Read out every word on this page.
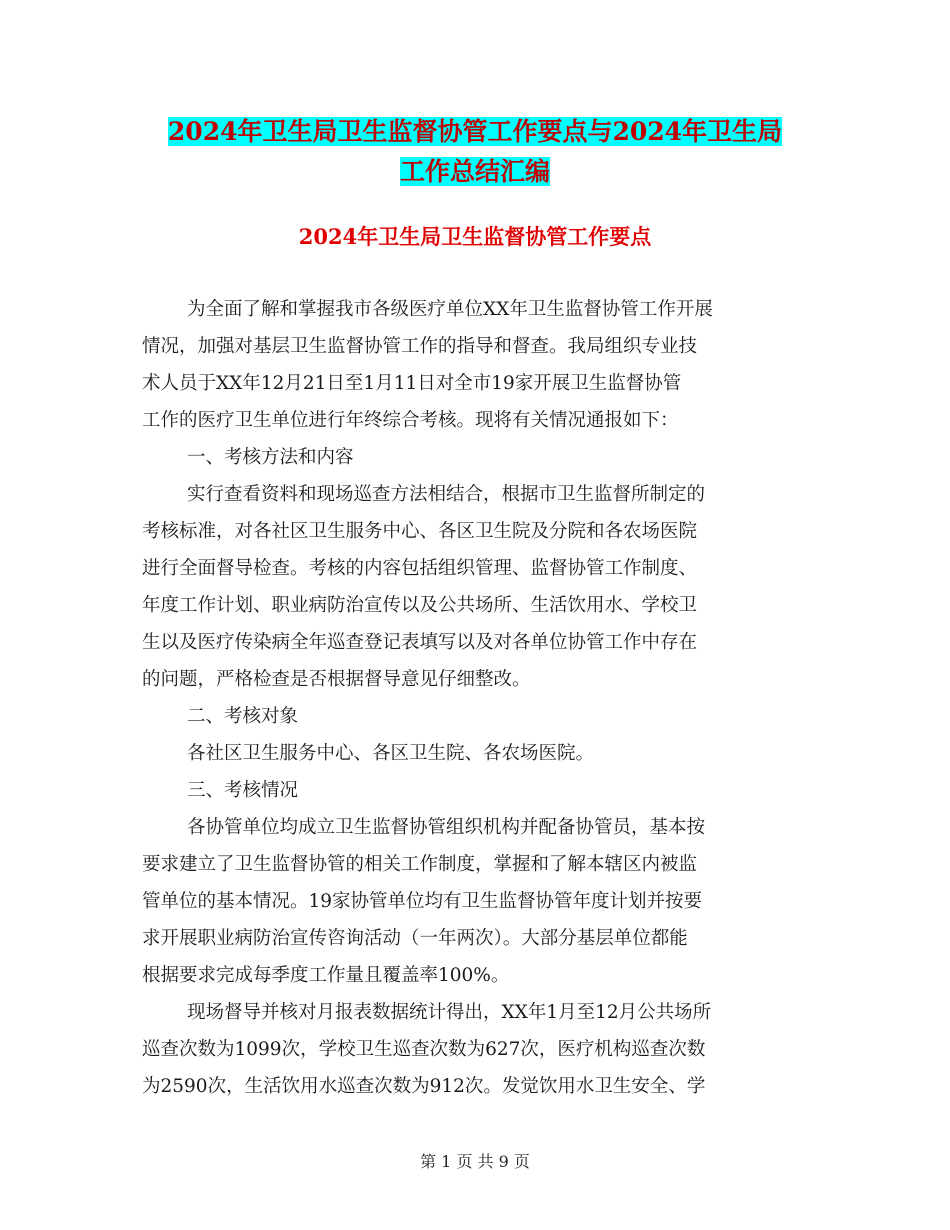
2024年卫生局卫生监督协管工作要点与2024年卫生局
工作总结汇编
2024年卫生局卫生监督协管工作要点

为全面了解和掌握我市各级医疗单位XX年卫生监督协管工作开展
情况，加强对基层卫生监督协管工作的指导和督查。我局组织专业技
术人员于XX年12月21日至1月11日对全市19家开展卫生监督协管
工作的医疗卫生单位进行年终综合考核。现将有关情况通报如下：

一、考核方法和内容

实行查看资料和现场巡查方法相结合，根据市卫生监督所制定的
考核标准，对各社区卫生服务中心、各区卫生院及分院和各农场医院
进行全面督导检查。考核的内容包括组织管理、监督协管工作制度、
年度工作计划、职业病防治宣传以及公共场所、生活饮用水、学校卫
生以及医疗传染病全年巡查登记表填写以及对各单位协管工作中存在
的问题，严格检查是否根据督导意见仔细整改。

二、考核对象

各社区卫生服务中心、各区卫生院、各农场医院。

三、考核情况

各协管单位均成立卫生监督协管组织机构并配备协管员，基本按
要求建立了卫生监督协管的相关工作制度，掌握和了解本辖区内被监
管单位的基本情况。19家协管单位均有卫生监督协管年度计划并按要
求开展职业病防治宣传咨询活动（一年两次）。大部分基层单位都能
根据要求完成每季度工作量且覆盖率100%。

现场督导并核对月报表数据统计得出，XX年1月至12月公共场所
巡查次数为1099次，学校卫生巡查次数为627次，医疗机构巡查次数
为2590次，生活饮用水巡查次数为912次。发觉饮用水卫生安全、学

第 1 页 共 9 页
